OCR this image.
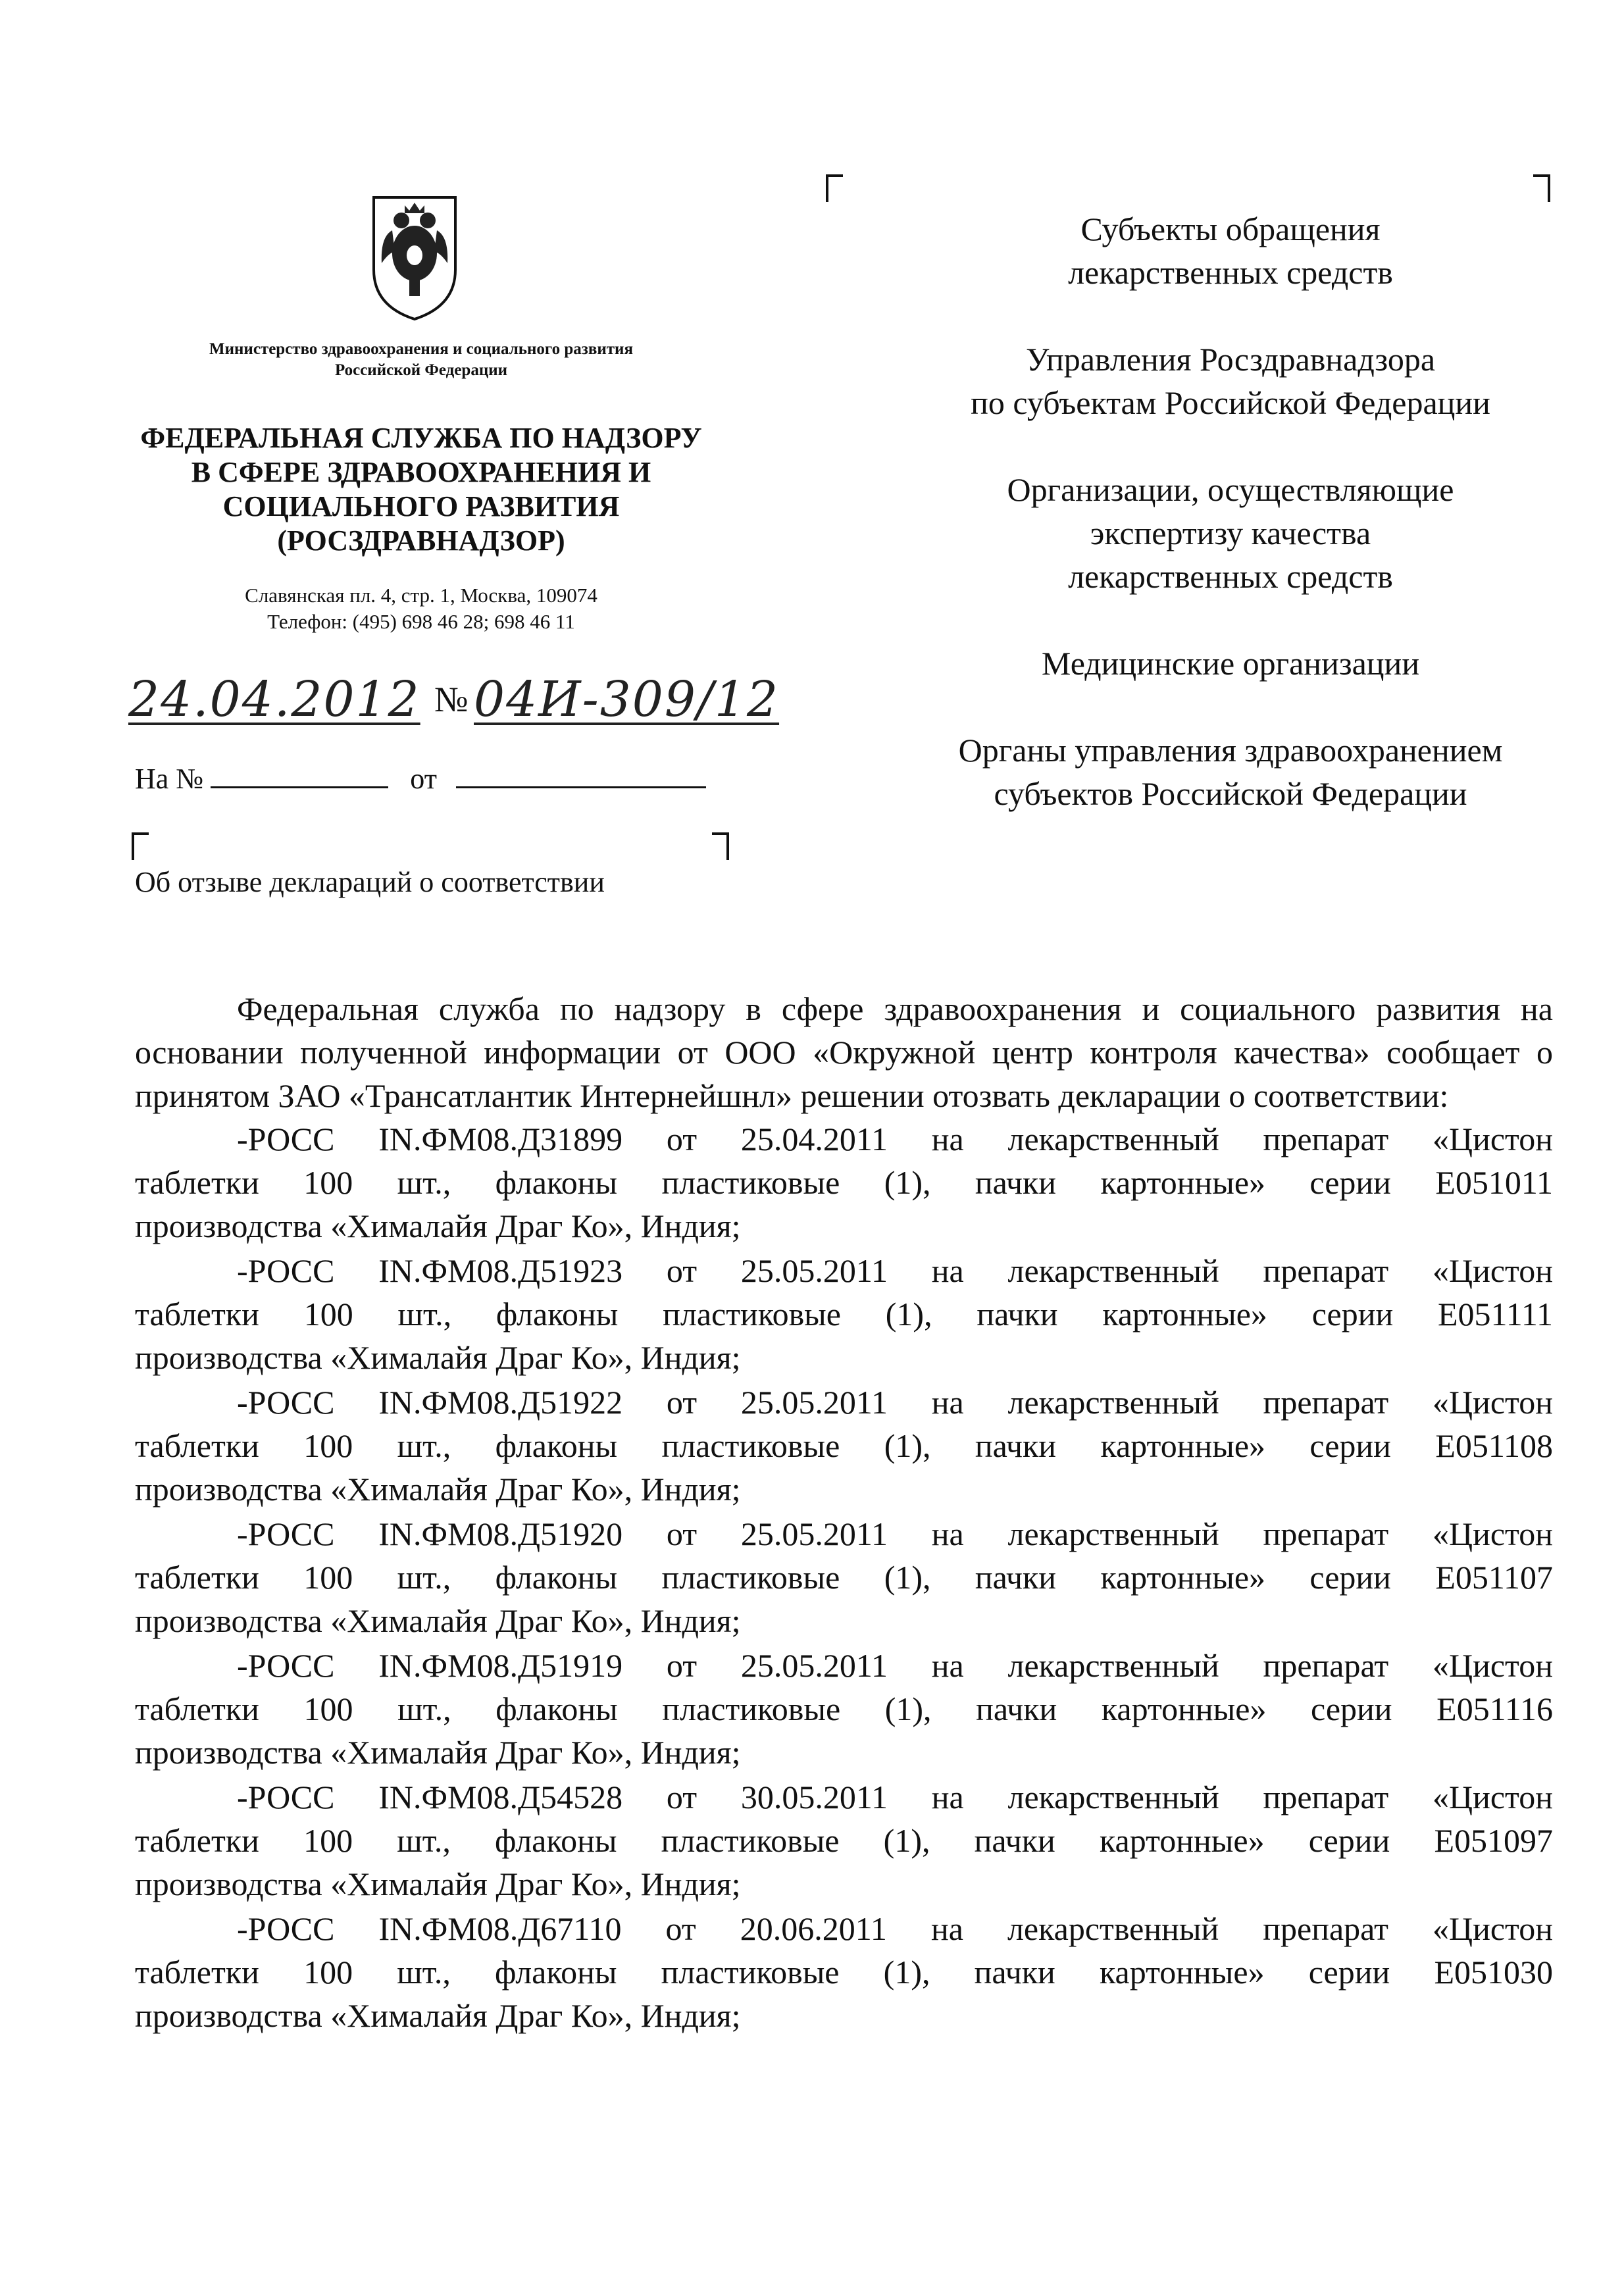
Министерство здравоохранения и социального развития Российской Федерации
ФЕДЕРАЛЬНАЯ СЛУЖБА ПО НАДЗОРУ
В СФЕРЕ ЗДРАВООХРАНЕНИЯ И
СОЦИАЛЬНОГО РАЗВИТИЯ
(РОСЗДРАВНАДЗОР)
Славянская пл. 4, стр. 1, Москва, 109074
Телефон: (495) 698 46 28; 698 46 11
24.04.2012 № 04И-309/12
На №	от
Об отзыве деклараций о соответствии
Субъекты обращения
лекарственных средств
Управления Росздравнадзора
по субъектам Российской Федерации
Организации, осуществляющие
экспертизу качества
лекарственных средств
Медицинские организации
Органы управления здравоохранением
субъектов Российской Федерации

Федеральная служба по надзору в сфере здравоохранения и социального развития на основании полученной информации от ООО «Окружной центр контроля качества» сообщает о принятом ЗАО «Трансатлантик Интернейшнл» решении отозвать декларации о соответствии:

-РОСС IN.ФМ08.Д31899 от 25.04.2011 на лекарственный препарат «Цистон
таблетки 100 шт., флаконы пластиковые (1), пачки картонные» серии Е051011
производства «Хималайя Драг Ко», Индия;
-РОСС IN.ФМ08.Д51923 от 25.05.2011 на лекарственный препарат «Цистон
таблетки 100 шт., флаконы пластиковые (1), пачки картонные» серии Е051111
производства «Хималайя Драг Ко», Индия;
-РОСС IN.ФМ08.Д51922 от 25.05.2011 на лекарственный препарат «Цистон
таблетки 100 шт., флаконы пластиковые (1), пачки картонные» серии Е051108
производства «Хималайя Драг Ко», Индия;
-РОСС IN.ФМ08.Д51920 от 25.05.2011 на лекарственный препарат «Цистон
таблетки 100 шт., флаконы пластиковые (1), пачки картонные» серии Е051107
производства «Хималайя Драг Ко», Индия;
-РОСС IN.ФМ08.Д51919 от 25.05.2011 на лекарственный препарат «Цистон
таблетки 100 шт., флаконы пластиковые (1), пачки картонные» серии Е051116
производства «Хималайя Драг Ко», Индия;
-РОСС IN.ФМ08.Д54528 от 30.05.2011 на лекарственный препарат «Цистон
таблетки 100 шт., флаконы пластиковые (1), пачки картонные» серии Е051097
производства «Хималайя Драг Ко», Индия;
-РОСС IN.ФМ08.Д67110 от 20.06.2011 на лекарственный препарат «Цистон
таблетки 100 шт., флаконы пластиковые (1), пачки картонные» серии Е051030
производства «Хималайя Драг Ко», Индия;
